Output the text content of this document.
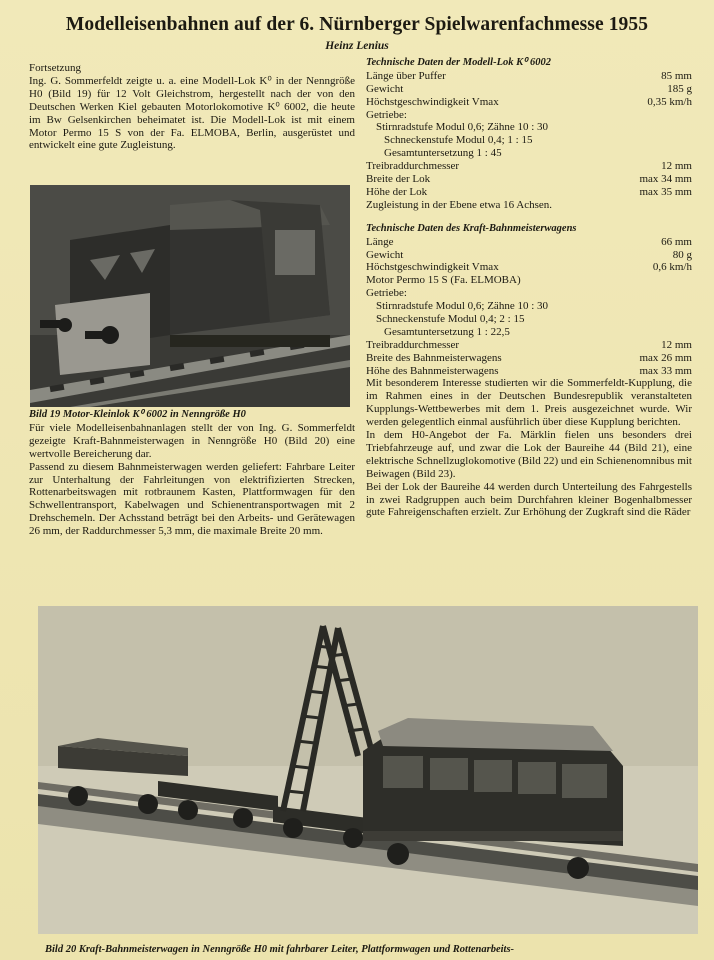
Modelleisenbahnen auf der 6. Nürnberger Spielwarenfachmesse 1955
Heinz Lenius

Fortsetzung

Ing. G. Sommerfeldt zeigte u. a. eine Modell-Lok K⁰ in der Nenngröße H0 (Bild 19) für 12 Volt Gleichstrom, hergestellt nach der von den Deutschen Werken Kiel gebauten Motorlokomotive K⁰ 6002, die heute im Bw Gelsenkirchen beheimatet ist. Die Modell-Lok ist mit einem Motor Permo 15 S von der Fa. ELMOBA, Berlin, ausgerüstet und entwickelt eine gute Zugleistung.

Bild 19 Motor-Kleinlok K⁰ 6002 in Nenngröße H0

Für viele Modelleisenbahnanlagen stellt der von Ing. G. Sommerfeldt gezeigte Kraft-Bahnmeisterwagen in Nenngröße H0 (Bild 20) eine wertvolle Bereicherung dar.

Passend zu diesem Bahnmeisterwagen werden geliefert: Fahrbare Leiter zur Unterhaltung der Fahrleitungen von elektrifizierten Strecken, Rottenarbeitswagen mit rotbraunem Kasten, Plattformwagen für den Schwellentransport, Kabelwagen und Schienentransportwagen mit 2 Drehschemeln. Der Achsstand beträgt bei den Arbeits- und Gerätewagen 26 mm, der Raddurchmesser 5,3 mm, die maximale Breite 20 mm.

Technische Daten der Modell-Lok K⁰ 6002

Länge über Puffer	85 mm
Gewicht	185 g
Höchstgeschwindigkeit Vmax	0,35 km/h
Getriebe:
Stirnradstufe Modul 0,6; Zähne 10 : 30
Schneckenstufe Modul 0,4; 1 : 15
Gesamtuntersetzung 1 : 45
Treibraddurchmesser	12 mm
Breite der Lok	max 34 mm
Höhe der Lok	max 35 mm
Zugleistung in der Ebene etwa 16 Achsen.

Technische Daten des Kraft-Bahnmeisterwagens

Länge	66 mm
Gewicht	80 g
Höchstgeschwindigkeit Vmax	0,6 km/h
Motor Permo 15 S (Fa. ELMOBA)
Getriebe:
Stirnradstufe Modul 0,6; Zähne 10 : 30
Schneckenstufe Modul 0,4; 2 : 15
Gesamtuntersetzung 1 : 22,5
Treibraddurchmesser	12 mm
Breite des Bahnmeisterwagens	max 26 mm
Höhe des Bahnmeisterwagens	max 33 mm

Mit besonderem Interesse studierten wir die Sommerfeldt-Kupplung, die im Rahmen eines in der Deutschen Bundesrepublik veranstalteten Kupplungs-Wettbewerbes mit dem 1. Preis ausgezeichnet wurde. Wir werden gelegentlich einmal ausführlich über diese Kupplung berichten.

In dem H0-Angebot der Fa. Märklin fielen uns besonders drei Triebfahrzeuge auf, und zwar die Lok der Baureihe 44 (Bild 21), eine elektrische Schnellzuglokomotive (Bild 22) und ein Schienenomnibus mit Beiwagen (Bild 23).

Bei der Lok der Baureihe 44 werden durch Unterteilung des Fahrgestells in zwei Radgruppen auch beim Durchfahren kleiner Bogenhalbmesser gute Fahreigenschaften erzielt. Zur Erhöhung der Zugkraft sind die Räder

Bild 20 Kraft-Bahnmeisterwagen in Nenngröße H0 mit fahrbarer Leiter, Plattformwagen und Rottenarbeits-
